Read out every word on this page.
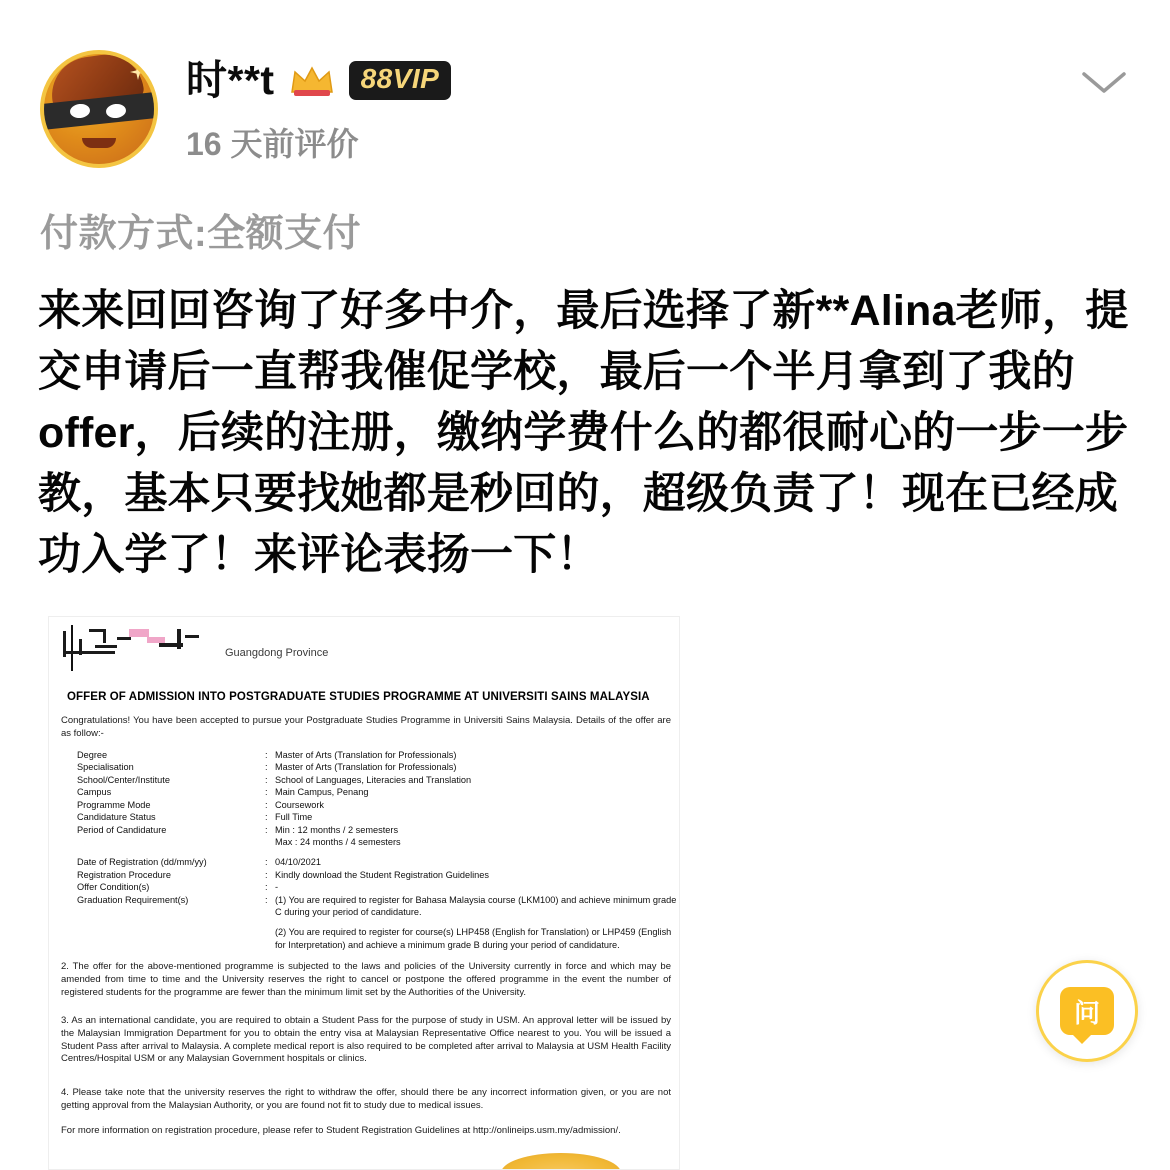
时**t	88VIP
16 天前评价
付款方式:全额支付
来来回回咨询了好多中介，最后选择了新**Alina老师，提交申请后一直帮我催促学校，最后一个半月拿到了我的offer，后续的注册，缴纳学费什么的都很耐心的一步一步教，基本只要找她都是秒回的，超级负责了！现在已经成功入学了！来评论表扬一下！
Guangdong Province
OFFER OF ADMISSION INTO POSTGRADUATE STUDIES PROGRAMME AT UNIVERSITI SAINS MALAYSIA
Congratulations! You have been accepted to pursue your Postgraduate Studies Programme in Universiti Sains Malaysia. Details of the offer are as follow:-
Degree	: Master of Arts (Translation for Professionals)
Specialisation	: Master of Arts (Translation for Professionals)
School/Center/Institute	: School of Languages, Literacies and Translation
Campus	: Main Campus, Penang
Programme Mode	: Coursework
Candidature Status	: Full Time
Period of Candidature	: Min : 12 months / 2 semesters
Max : 24 months / 4 semesters
Date of Registration (dd/mm/yy)	: 04/10/2021
Registration Procedure	: Kindly download the Student Registration Guidelines
Offer Condition(s)	: -
Graduation Requirement(s)	: (1) You are required to register for Bahasa Malaysia course (LKM100) and achieve minimum grade C during your period of candidature.
(2) You are required to register for course(s) LHP458 (English for Translation) or LHP459 (English for Interpretation) and achieve a minimum grade B during your period of candidature.
2. The offer for the above-mentioned programme is subjected to the laws and policies of the University currently in force and which may be amended from time to time and the University reserves the right to cancel or postpone the offered programme in the event the number of registered students for the programme are fewer than the minimum limit set by the Authorities of the University.
3. As an international candidate, you are required to obtain a Student Pass for the purpose of study in USM. An approval letter will be issued by the Malaysian Immigration Department for you to obtain the entry visa at Malaysian Representative Office nearest to you. You will be issued a Student Pass after arrival to Malaysia. A complete medical report is also required to be completed after arrival to Malaysia at USM Health Facility Centres/Hospital USM or any Malaysian Government hospitals or clinics.
4. Please take note that the university reserves the right to withdraw the offer, should there be any incorrect information given, or you are not getting approval from the Malaysian Authority, or you are found not fit to study due to medical issues.
For more information on registration procedure, please refer to Student Registration Guidelines at http://onlineips.usm.my/admission/.
问
